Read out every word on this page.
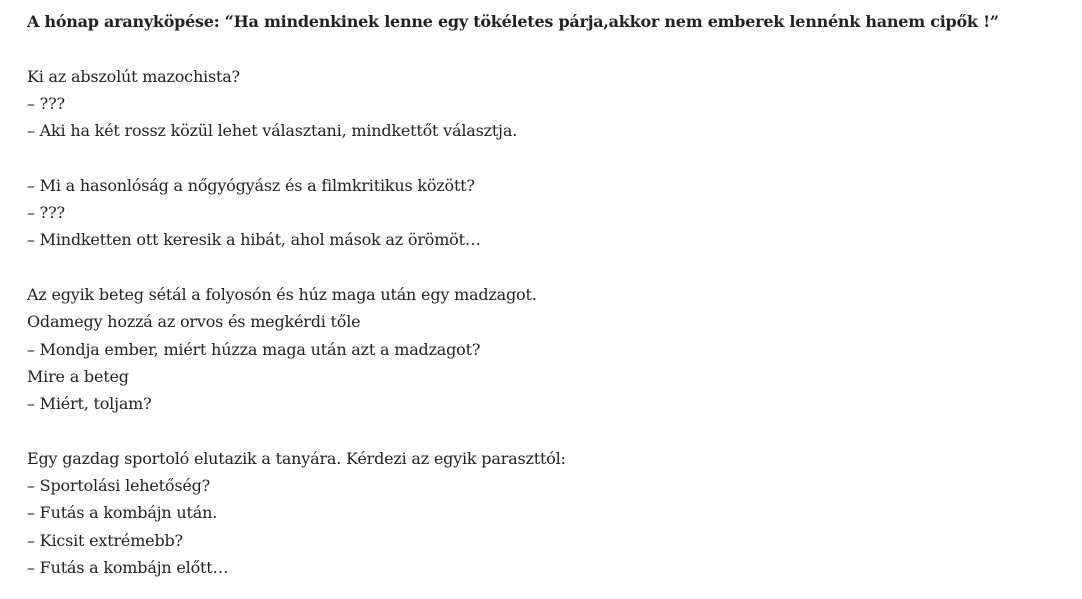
A hónap aranyköpése: “Ha mindenkinek lenne egy tökéletes párja,akkor nem emberek lennénk hanem cipők !”

Ki az abszolút mazochista?
– ???
– Aki ha két rossz közül lehet választani, mindkettőt választja.
– Mi a hasonlóság a nőgyógyász és a filmkritikus között?
– ???
– Mindketten ott keresik a hibát, ahol mások az örömöt…
Az egyik beteg sétál a folyosón és húz maga után egy madzagot.
Odamegy hozzá az orvos és megkérdi tőle
– Mondja ember, miért húzza maga után azt a madzagot?
Mire a beteg
– Miért, toljam?
Egy gazdag sportoló elutazik a tanyára. Kérdezi az egyik paraszttól:
– Sportolási lehetőség?
– Futás a kombájn után.
– Kicsit extrémebb?
– Futás a kombájn előtt…
